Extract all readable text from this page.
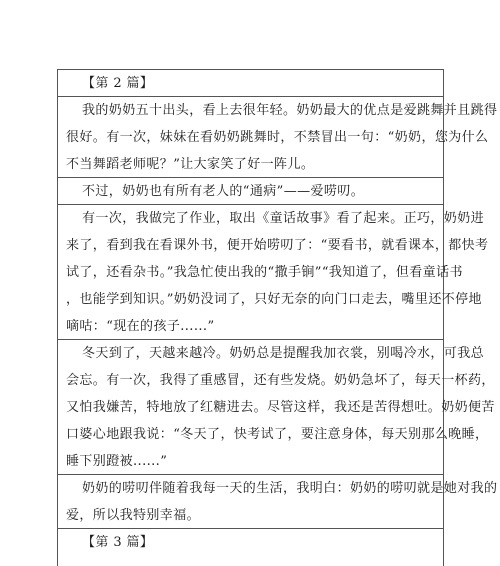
【第 2 篇】
我的奶奶五十出头，看上去很年轻。奶奶最大的优点是爱跳舞并且跳得
很好。有一次，妹妹在看奶奶跳舞时，不禁冒出一句：“奶奶，您为什么
不当舞蹈老师呢？”让大家笑了好一阵儿。
不过，奶奶也有所有老人的“通病”——爱唠叨。
有一次，我做完了作业，取出《童话故事》看了起来。正巧，奶奶进
来了，看到我在看课外书，便开始唠叨了：“要看书，就看课本，都快考
试了，还看杂书。”我急忙使出我的“撒手锏”“我知道了，但看童话书
，也能学到知识。”奶奶没词了，只好无奈的向门口走去，嘴里还不停地
嘀咕：“现在的孩子......”
冬天到了，天越来越冷。奶奶总是提醒我加衣裳，别喝冷水，可我总
会忘。有一次，我得了重感冒，还有些发烧。奶奶急坏了，每天一杯药，
又怕我嫌苦，特地放了红糖进去。尽管这样，我还是苦得想吐。奶奶便苦
口婆心地跟我说：“冬天了，快考试了，要注意身体，每天别那么晚睡，
睡下别蹬被......”
奶奶的唠叨伴随着我每一天的生活，我明白：奶奶的唠叨就是她对我的
爱，所以我特别幸福。
【第 3 篇】
